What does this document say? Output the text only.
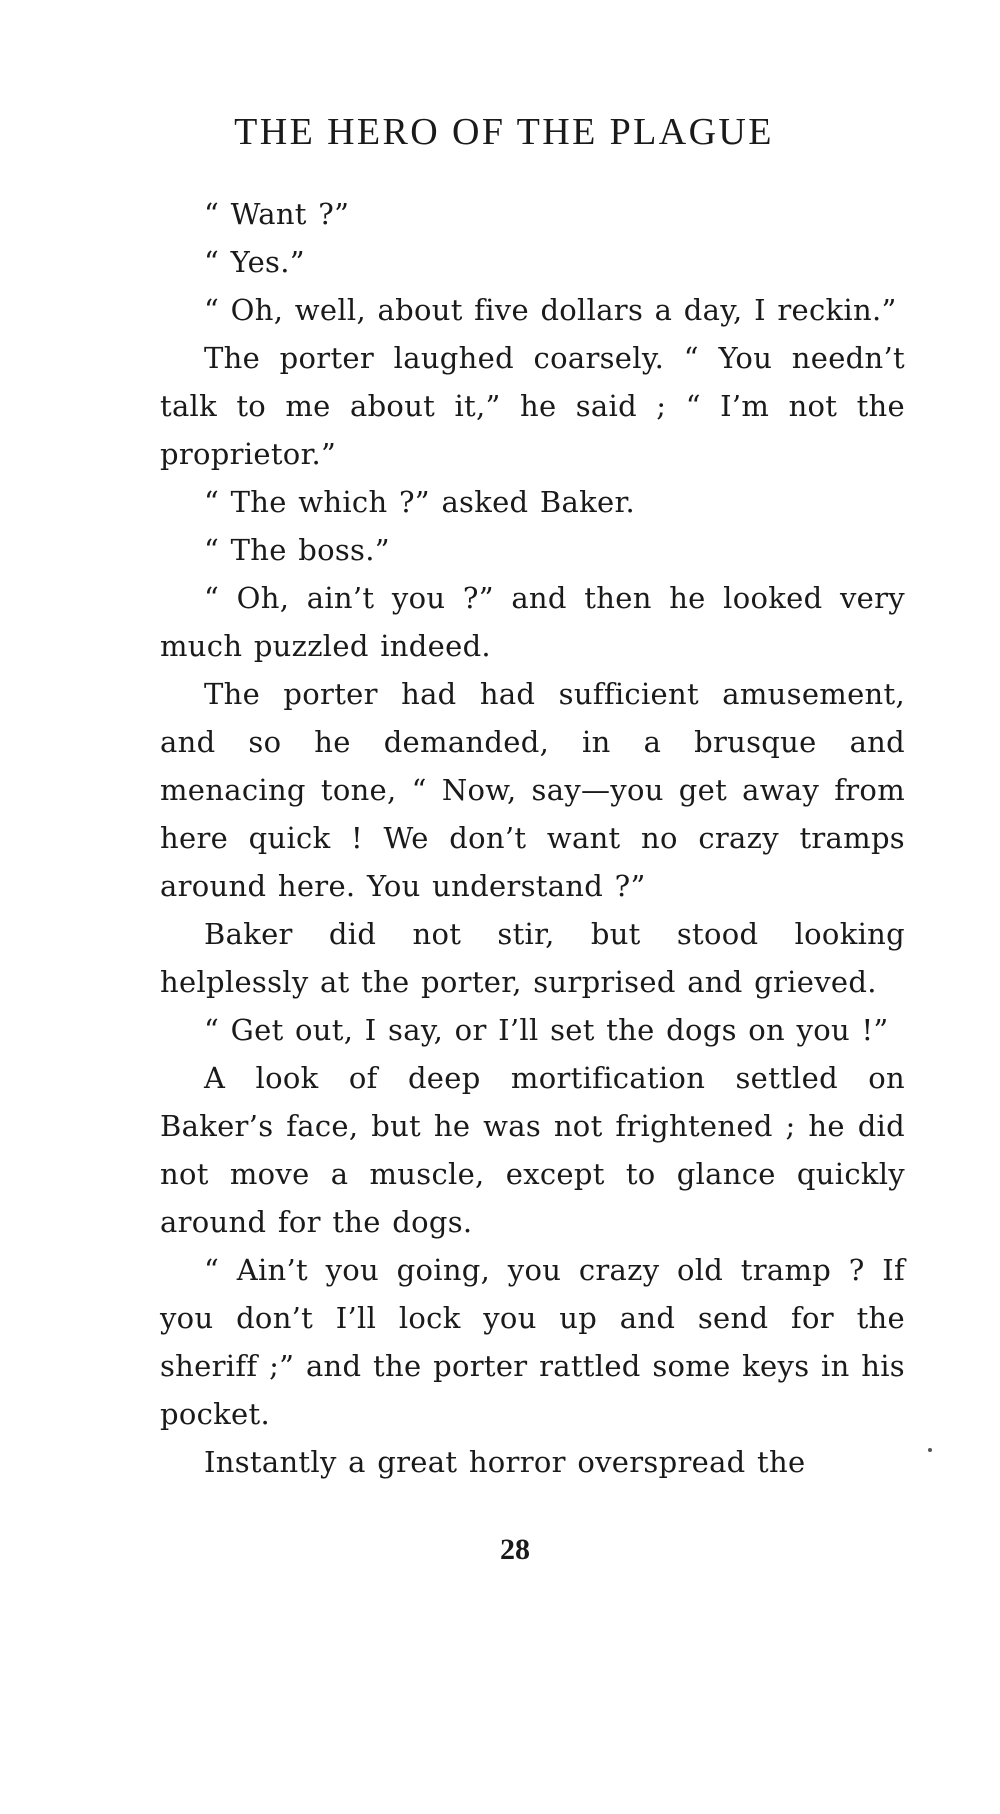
THE HERO OF THE PLAGUE

“ Want ?”

“ Yes.”

“ Oh, well, about five dollars a day, I reckin.”

The porter laughed coarsely. “ You needn’t talk to me about it,” he said ; “ I’m not the proprietor.”

“ The which ?” asked Baker.

“ The boss.”

“ Oh, ain’t you ?” and then he looked very much puzzled indeed.

The porter had had sufficient amusement, and so he demanded, in a brusque and menacing tone, “ Now, say—you get away from here quick ! We don’t want no crazy tramps around here. You understand ?”

Baker did not stir, but stood looking helplessly at the porter, surprised and grieved.

“ Get out, I say, or I’ll set the dogs on you !”

A look of deep mortification settled on Baker’s face, but he was not frightened ; he did not move a muscle, except to glance quickly around for the dogs.

“ Ain’t you going, you crazy old tramp ? If you don’t I’ll lock you up and send for the sheriff ;” and the porter rattled some keys in his pocket.

Instantly a great horror overspread the

28
